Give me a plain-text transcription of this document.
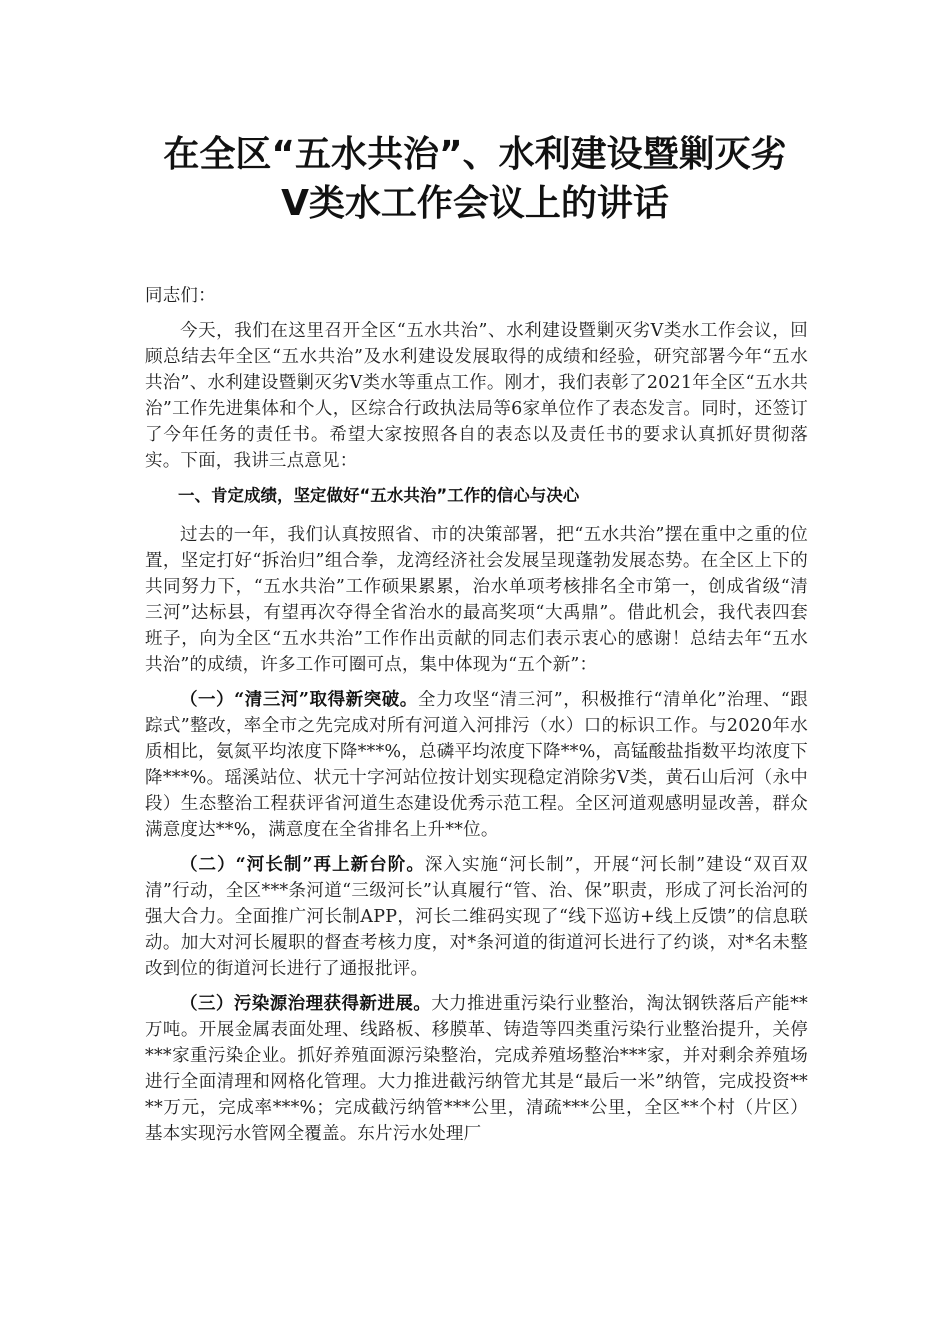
在全区“五水共治”、水利建设暨剿灭劣
Ⅴ类水工作会议上的讲话

同志们：

今天，我们在这里召开全区“五水共治”、水利建设暨剿灭劣Ⅴ类水工作会议，回顾总结去年全区“五水共治”及水利建设发展取得的成绩和经验，研究部署今年“五水共治”、水利建设暨剿灭劣Ⅴ类水等重点工作。刚才，我们表彰了2021年全区“五水共治”工作先进集体和个人，区综合行政执法局等6家单位作了表态发言。同时，还签订了今年任务的责任书。希望大家按照各自的表态以及责任书的要求认真抓好贯彻落实。下面，我讲三点意见：

一、肯定成绩，坚定做好“五水共治”工作的信心与决心

过去的一年，我们认真按照省、市的决策部署，把“五水共治”摆在重中之重的位置，坚定打好“拆治归”组合拳，龙湾经济社会发展呈现蓬勃发展态势。在全区上下的共同努力下，“五水共治”工作硕果累累，治水单项考核排名全市第一，创成省级“清三河”达标县，有望再次夺得全省治水的最高奖项“大禹鼎”。借此机会，我代表四套班子，向为全区“五水共治”工作作出贡献的同志们表示衷心的感谢！总结去年“五水共治”的成绩，许多工作可圈可点，集中体现为“五个新”：

（一）“清三河”取得新突破。全力攻坚“清三河”，积极推行“清单化”治理、“跟踪式”整改，率全市之先完成对所有河道入河排污（水）口的标识工作。与2020年水质相比，氨氮平均浓度下降***%，总磷平均浓度下降**%，高锰酸盐指数平均浓度下降***%。瑶溪站位、状元十字河站位按计划实现稳定消除劣Ⅴ类，黄石山后河（永中段）生态整治工程获评省河道生态建设优秀示范工程。全区河道观感明显改善，群众满意度达**%，满意度在全省排名上升**位。

（二）“河长制”再上新台阶。深入实施“河长制”，开展“河长制”建设“双百双清”行动，全区***条河道“三级河长”认真履行“管、治、保”职责，形成了河长治河的强大合力。全面推广河长制APP，河长二维码实现了“线下巡访+线上反馈”的信息联动。加大对河长履职的督查考核力度，对*条河道的街道河长进行了约谈，对*名未整改到位的街道河长进行了通报批评。

（三）污染源治理获得新进展。大力推进重污染行业整治，淘汰钢铁落后产能**万吨。开展金属表面处理、线路板、移膜革、铸造等四类重污染行业整治提升，关停***家重污染企业。抓好养殖面源污染整治，完成养殖场整治***家，并对剩余养殖场进行全面清理和网格化管理。大力推进截污纳管尤其是“最后一米”纳管，完成投资****万元，完成率***%；完成截污纳管***公里，清疏***公里，全区**个村（片区）基本实现污水管网全覆盖。东片污水处理厂
